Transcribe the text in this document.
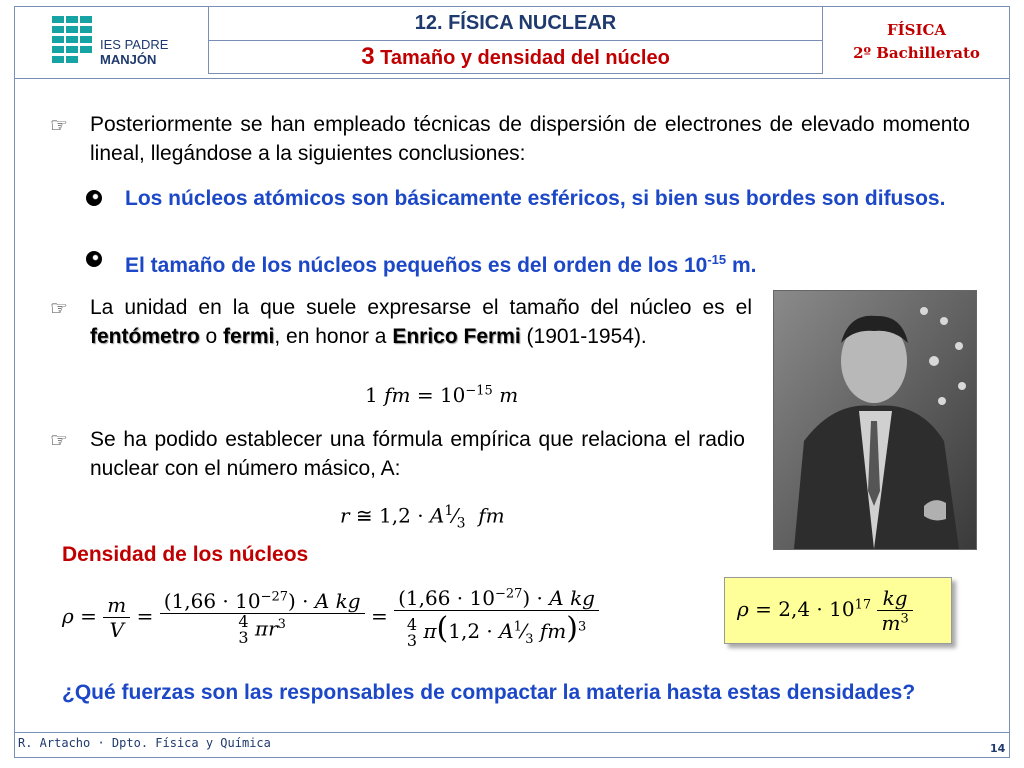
IES PADRE
MANJÓN
12. FÍSICA NUCLEAR
3 Tamaño y densidad del núcleo
FÍSICA
2º Bachillerato
☞ Posteriormente se han empleado técnicas de dispersión de electrones de elevado momento lineal, llegándose a la siguientes conclusiones:
Los núcleos atómicos son básicamente esféricos, si bien sus bordes son difusos.
El tamaño de los núcleos pequeños es del orden de los $10^{-15}$ m.
☞ La unidad en la que suele expresarse el tamaño del núcleo es el fentómetro o fermi, en honor a Enrico Fermi (1901-1954).
1 fm = $10^{-15}$ m
☞ Se ha podido establecer una fórmula empírica que relaciona el radio nuclear con el número másico, A:
r ≅ $1,2 \cdot A^1⁄_3$ fm
Densidad de los núcleos
$\rho = \frac{m}{V}$ =
$(1,66 \cdot 10^{-27}) \cdot A$ kg
4
3 $\pi r^3$	=
$(1,66 \cdot 10^{-27}) \cdot A$ kg
4
3 $\pi(1,2 \cdot A^1⁄_3$ fm)$^3$
$\rho = 2,4 \cdot 10^{17} \frac{kg}{m^3}$
¿Qué fuerzas son las responsables de compactar la materia hasta estas densidades?
R. Artacho · Dpto. Física y Química	14
